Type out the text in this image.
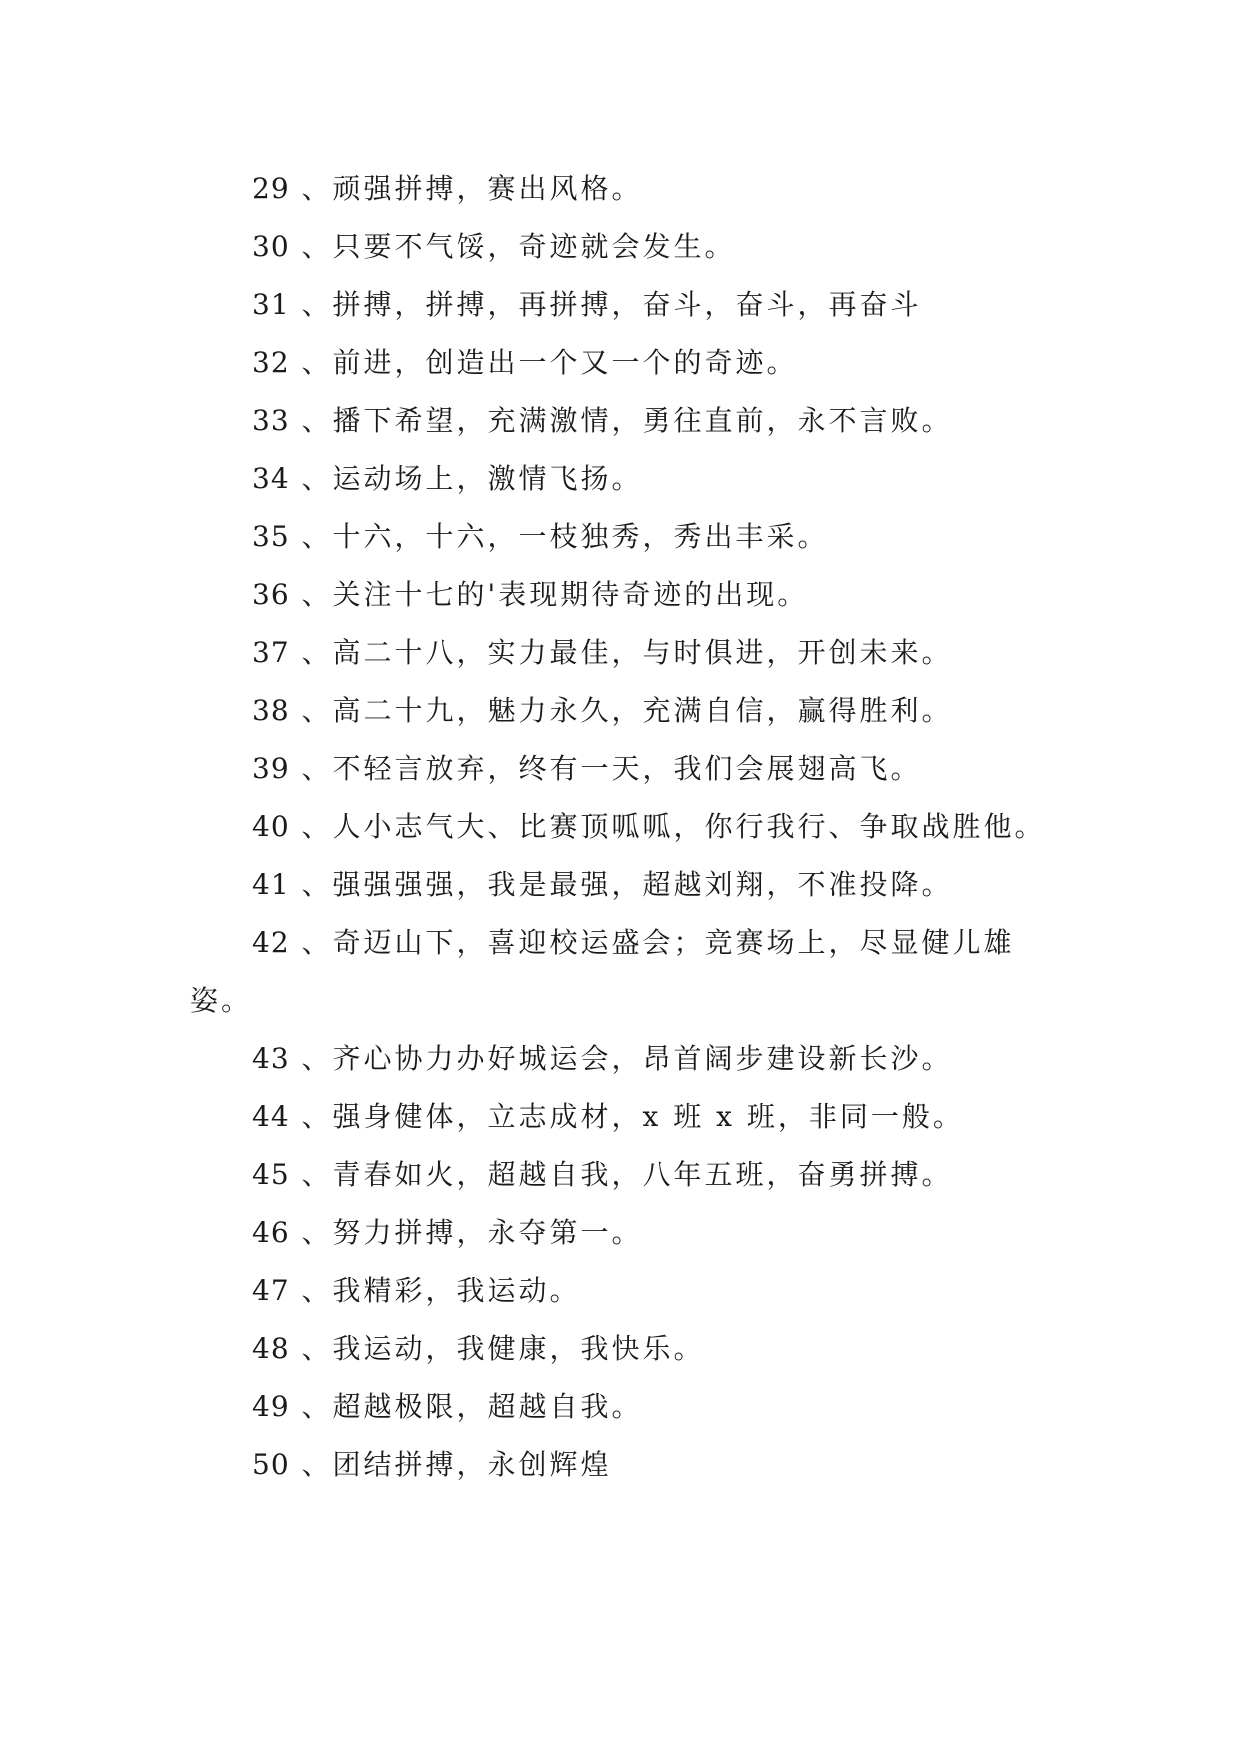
29 、顽强拼搏，赛出风格。

30 、只要不气馁，奇迹就会发生。

31 、拼搏，拼搏，再拼搏，奋斗，奋斗，再奋斗

32 、前进，创造出一个又一个的奇迹。

33 、播下希望，充满激情，勇往直前，永不言败。

34 、运动场上，激情飞扬。

35 、十六，十六，一枝独秀，秀出丰采。

36 、关注十七的'表现期待奇迹的出现。

37 、高二十八，实力最佳，与时俱进，开创未来。

38 、高二十九，魅力永久，充满自信，赢得胜利。

39 、不轻言放弃，终有一天，我们会展翅高飞。

40 、人小志气大、比赛顶呱呱，你行我行、争取战胜他。

41 、强强强强，我是最强，超越刘翔，不准投降。

42 、奇迈山下，喜迎校运盛会；竞赛场上，尽显健儿雄姿。

43 、齐心协力办好城运会，昂首阔步建设新长沙。

44 、强身健体，立志成材，x 班 x 班，非同一般。

45 、青春如火，超越自我，八年五班，奋勇拼搏。

46 、努力拼搏，永夺第一。

47 、我精彩，我运动。

48 、我运动，我健康，我快乐。

49 、超越极限，超越自我。

50 、团结拼搏，永创辉煌
